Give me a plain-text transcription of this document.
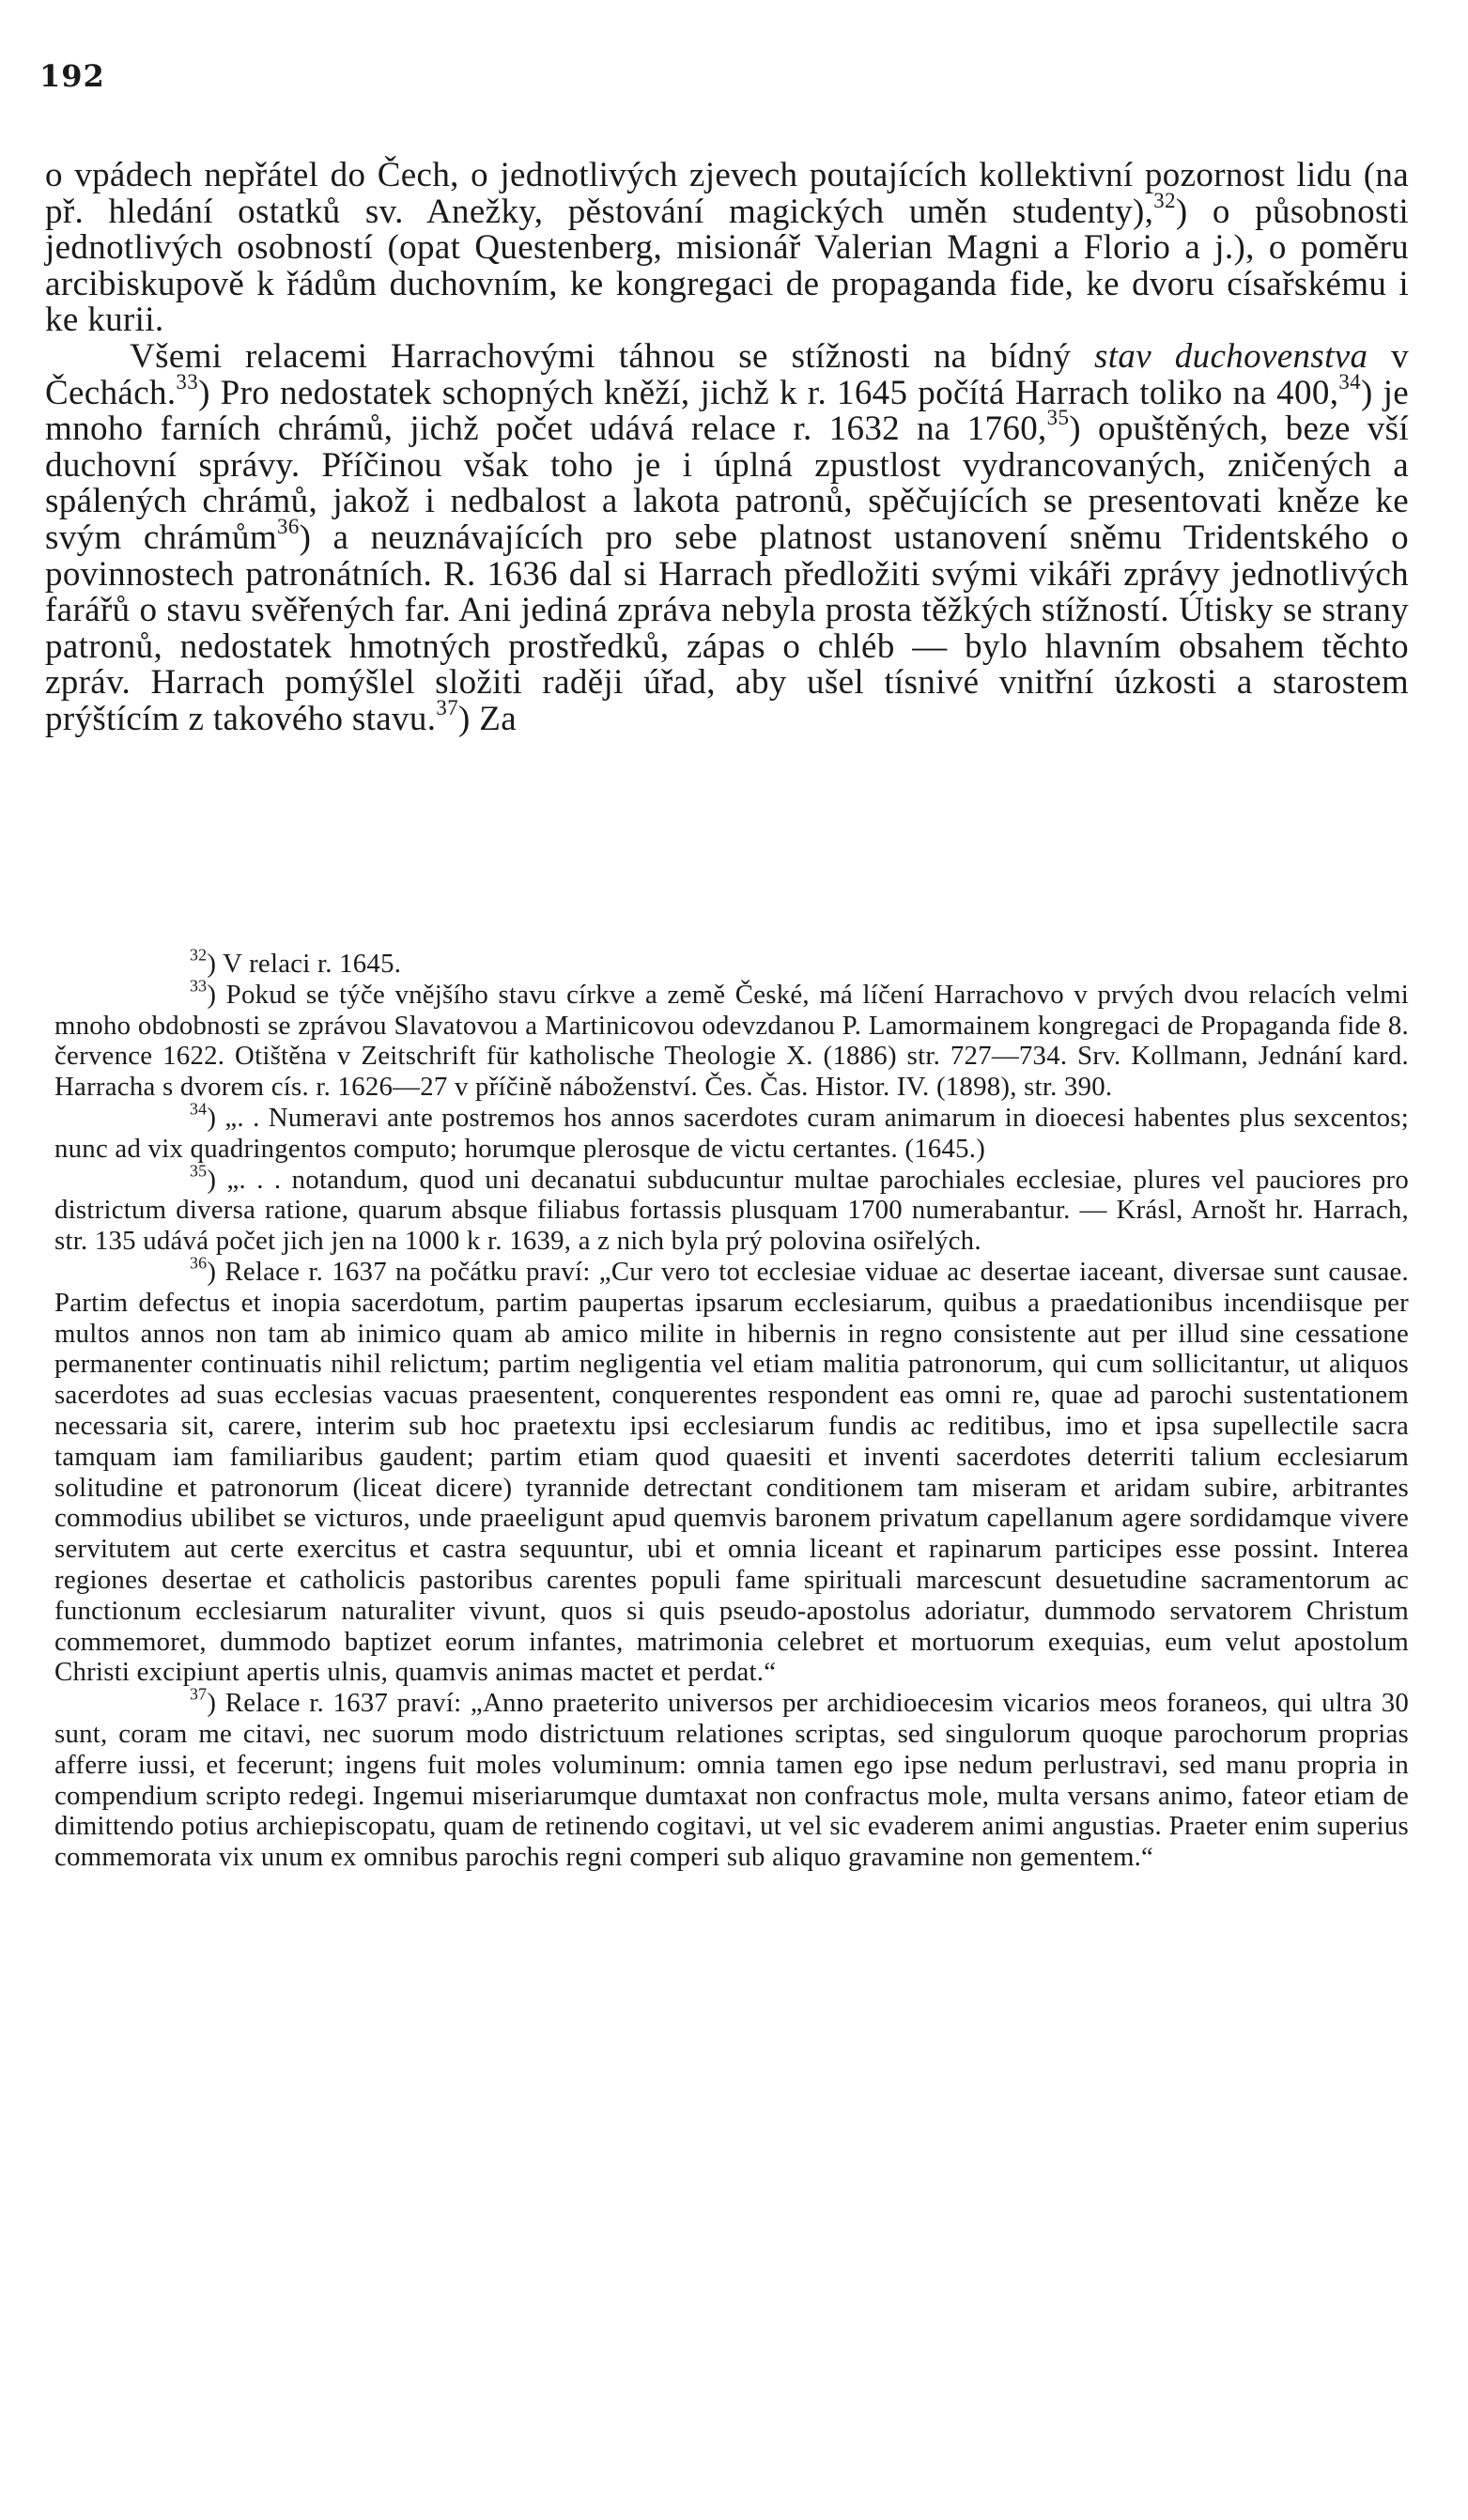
192

o vpádech nepřátel do Čech, o jednotlivých zjevech poutajících kollektivní pozornost lidu (na př. hledání ostatků sv. Anežky, pěstování magických uměn studenty),$^{32}$) o působnosti jednotlivých osobností (opat Questenberg, misionář Valerian Magni a Florio a j.), o poměru arcibiskupově k řádům duchovním, ke kongregaci de propaganda fide, ke dvoru císařskému i ke kurii.

Všemi relacemi Harrachovými táhnou se stížnosti na bídný stav duchovenstva v Čechách.$^{33}$) Pro nedostatek schopných kněží, jichž k r. 1645 počítá Harrach toliko na 400,34) je mnoho farních chrámů, jichž počet udává relace r. 1632 na 1760,35) opuštěných, beze vší duchovní správy. Příčinou však toho je i úplná zpustlost vydrancovaných, zničených a spálených chrámů, jakož i nedbalost a lakota patronů, spěčujících se presentovati kněze ke svým chrámům$^{36}$) a neuznávajících pro sebe platnost ustanovení sněmu Tridentského o povinnostech patronátních. R. 1636 dal si Harrach předložiti svými vikáři zprávy jednotlivých farářů o stavu svěřených far. Ani jediná zpráva nebyla prosta těžkých stížností. Útisky se strany patronů, nedostatek hmotných prostředků, zápas o chléb — bylo hlavním obsahem těchto zpráv. Harrach pomýšlel složiti raději úřad, aby ušel tísnivé vnitřní úzkosti a starostem prýštícím z takového stavu.$^{37}$) Za

$^{32}$) V relaci r. 1645.

$^{33}$) Pokud se týče vnějšího stavu církve a země České, má líčení Harrachovo v prvých dvou relacích velmi mnoho obdobnosti se zprávou Slavatovou a Martinicovou odevzdanou P. Lamormainem kongregaci de Propaganda fide 8. července 1622. Otištěna v Zeitschrift für katholische Theologie X. (1886) str. 727—734. Srv. Kollmann, Jednání kard. Harracha s dvorem cís. r. 1626—27 v příčině náboženství. Čes. Čas. Histor. IV. (1898), str. 390.

$^{34}$) „. . Numeravi ante postremos hos annos sacerdotes curam animarum in dioecesi habentes plus sexcentos; nunc ad vix quadringentos computo; horumque plerosque de victu certantes. (1645.)

$^{35}$) „. . . notandum, quod uni decanatui subducuntur multae parochiales ecclesiae, plures vel pauciores pro districtum diversa ratione, quarum absque filiabus fortassis plusquam 1700 numerabantur. — Krásl, Arnošt hr. Harrach, str. 135 udává počet jich jen na 1000 k r. 1639, a z nich byla prý polovina osiřelých.

$^{36}$) Relace r. 1637 na počátku praví: „Cur vero tot ecclesiae viduae ac desertae iaceant, diversae sunt causae. Partim defectus et inopia sacerdotum, partim paupertas ipsarum ecclesiarum, quibus a praedationibus incendiisque per multos annos non tam ab inimico quam ab amico milite in hibernis in regno consistente aut per illud sine cessatione permanenter continuatis nihil relictum; partim negligentia vel etiam malitia patronorum, qui cum sollicitantur, ut aliquos sacerdotes ad suas ecclesias vacuas praesentent, conquerentes respondent eas omni re, quae ad parochi sustentationem necessaria sit, carere, interim sub hoc praetextu ipsi ecclesiarum fundis ac reditibus, imo et ipsa supellectile sacra tamquam iam familiaribus gaudent; partim etiam quod quaesiti et inventi sacerdotes deterriti talium ecclesiarum solitudine et patronorum (liceat dicere) tyrannide detrectant conditionem tam miseram et aridam subire, arbitrantes commodius ubilibet se victuros, unde praeeligunt apud quemvis baronem privatum capellanum agere sordidamque vivere servitutem aut certe exercitus et castra sequuntur, ubi et omnia liceant et rapinarum participes esse possint. Interea regiones desertae et catholicis pastoribus carentes populi fame spirituali marcescunt desuetudine sacramentorum ac functionum ecclesiarum naturaliter vivunt, quos si quis pseudo-apostolus adoriatur, dummodo servatorem Christum commemoret, dummodo baptizet eorum infantes, matrimonia celebret et mortuorum exequias, eum velut apostolum Christi excipiunt apertis ulnis, quamvis animas mactet et perdat.“

$^{37}$) Relace r. 1637 praví: „Anno praeterito universos per archidioecesim vicarios meos foraneos, qui ultra 30 sunt, coram me citavi, nec suorum modo districtuum relationes scriptas, sed singulorum quoque parochorum proprias afferre iussi, et fecerunt; ingens fuit moles voluminum: omnia tamen ego ipse nedum perlustravi, sed manu propria in compendium scripto redegi. Ingemui miseriarumque dumtaxat non confractus mole, multa versans animo, fateor etiam de dimittendo potius archiepiscopatu, quam de retinendo cogitavi, ut vel sic evaderem animi angustias. Praeter enim superius commemorata vix unum ex omnibus parochis regni comperi sub aliquo gravamine non gementem.“
